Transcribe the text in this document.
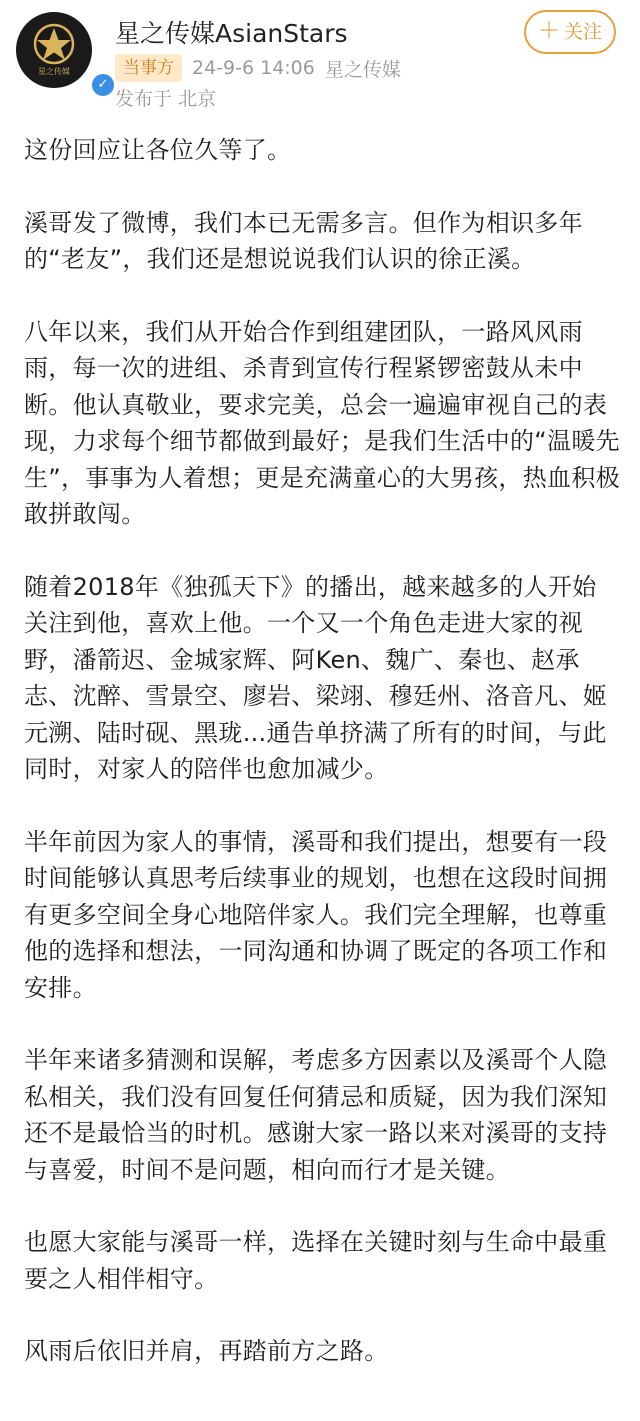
星之传媒
✓
星之传媒AsianStars
当事方 24-9-6 14:06 星之传媒
发布于 北京
＋ 关注

这份回应让各位久等了。

溪哥发了微博，我们本已无需多言。但作为相识多年的“老友”，我们还是想说说我们认识的徐正溪。

八年以来，我们从开始合作到组建团队，一路风风雨雨，每一次的进组、杀青到宣传行程紧锣密鼓从未中断。他认真敬业，要求完美，总会一遍遍审视自己的表现，力求每个细节都做到最好；是我们生活中的“温暖先生”，事事为人着想；更是充满童心的大男孩，热血积极敢拼敢闯。

随着2018年《独孤天下》的播出，越来越多的人开始关注到他，喜欢上他。一个又一个角色走进大家的视野，潘箭迟、金城家辉、阿Ken、魏广、秦也、赵承志、沈醉、雪景空、廖岩、梁翊、穆廷州、洛音凡、姬元溯、陆时砚、黑珑...通告单挤满了所有的时间，与此同时，对家人的陪伴也愈加减少。

半年前因为家人的事情，溪哥和我们提出，想要有一段时间能够认真思考后续事业的规划，也想在这段时间拥有更多空间全身心地陪伴家人。我们完全理解，也尊重他的选择和想法，一同沟通和协调了既定的各项工作和安排。

半年来诸多猜测和误解，考虑多方因素以及溪哥个人隐私相关，我们没有回复任何猜忌和质疑，因为我们深知还不是最恰当的时机。感谢大家一路以来对溪哥的支持与喜爱，时间不是问题，相向而行才是关键。

也愿大家能与溪哥一样，选择在关键时刻与生命中最重要之人相伴相守。

风雨后依旧并肩，再踏前方之路。
